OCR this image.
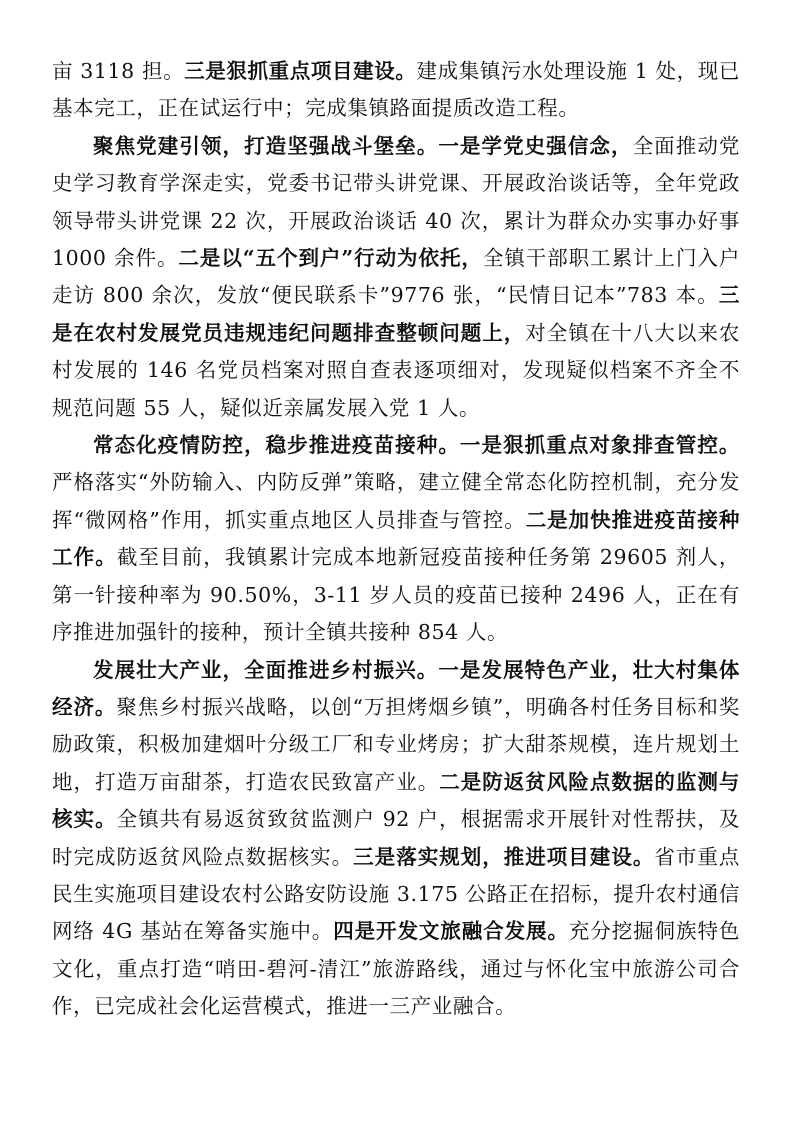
亩 3118 担。三是狠抓重点项目建设。建成集镇污水处理设施 1 处，现已基本完工，正在试运行中；完成集镇路面提质改造工程。

聚焦党建引领，打造坚强战斗堡垒。一是学党史强信念，全面推动党史学习教育学深走实，党委书记带头讲党课、开展政治谈话等，全年党政领导带头讲党课 22 次，开展政治谈话 40 次，累计为群众办实事办好事 1000 余件。二是以“五个到户”行动为依托，全镇干部职工累计上门入户走访 800 余次，发放“便民联系卡”9776 张，“民情日记本”783 本。三是在农村发展党员违规违纪问题排查整顿问题上，对全镇在十八大以来农村发展的 146 名党员档案对照自查表逐项细对，发现疑似档案不齐全不规范问题 55 人，疑似近亲属发展入党 1 人。

常态化疫情防控，稳步推进疫苗接种。一是狠抓重点对象排查管控。严格落实“外防输入、内防反弹”策略，建立健全常态化防控机制，充分发挥“微网格”作用，抓实重点地区人员排查与管控。二是加快推进疫苗接种工作。截至目前，我镇累计完成本地新冠疫苗接种任务第 29605 剂人，第一针接种率为 90.50%，3-11 岁人员的疫苗已接种 2496 人，正在有序推进加强针的接种，预计全镇共接种 854 人。

发展壮大产业，全面推进乡村振兴。一是发展特色产业，壮大村集体经济。聚焦乡村振兴战略，以创“万担烤烟乡镇”，明确各村任务目标和奖励政策，积极加建烟叶分级工厂和专业烤房；扩大甜茶规模，连片规划土地，打造万亩甜茶，打造农民致富产业。二是防返贫风险点数据的监测与核实。全镇共有易返贫致贫监测户 92 户，根据需求开展针对性帮扶，及时完成防返贫风险点数据核实。三是落实规划，推进项目建设。省市重点民生实施项目建设农村公路安防设施 3.175 公路正在招标，提升农村通信网络 4G 基站在筹备实施中。四是开发文旅融合发展。充分挖掘侗族特色文化，重点打造“哨田-碧河-清江”旅游路线，通过与怀化宝中旅游公司合作，已完成社会化运营模式，推进一三产业融合。
